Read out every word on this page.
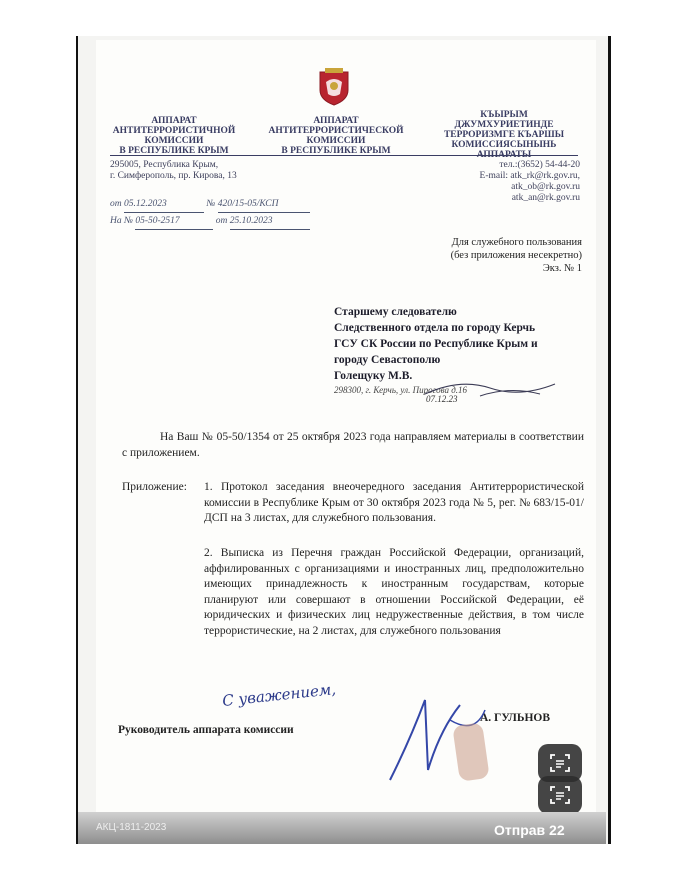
АППАРАТ
АНТИТЕРРОРИСТИЧНОЙ
КОМИССИИ
В РЕСПУБЛИКЕ КРЫМ
АППАРАТ
АНТИТЕРРОРИСТИЧЕСКОЙ
КОМИССИИ
В РЕСПУБЛИКЕ КРЫМ
КЪЫРЫМ
ДЖУМХУРИЕТИНДЕ
ТЕРРОРИЗМГЕ КЪАРШЫ
КОМИССИЯСЫНЫНЬ
АППАРАТЫ
295005, Республика Крым,
г. Симферополь, пр. Кирова, 13
тел.:(3652) 54-44-20
E-mail: atk_rk@rk.gov.ru,
atk_ob@rk.gov.ru
atk_an@rk.gov.ru
от 05.12.2023	№ 420/15-05/КСП
На № 05-50-2517	от 25.10.2023
Для служебного пользования
(без приложения несекретно)
Экз. № 1
Старшему следователю
Следственного отдела по городу Керчь
ГСУ СК России по Республике Крым и
городу Севастополю
Голещуку М.В.
298300, г. Керчь, ул. Пирогова д.16
07.12.23
На Ваш № 05-50/1354 от 25 октября 2023 года направляем материалы в соответствии с приложением.
Приложение:	1. Протокол заседания внеочередного заседания Антитеррористической комиссии в Республике Крым от 30 октября 2023 года № 5, рег. № 683/15-01/ДСП на 3 листах, для служебного пользования.
2. Выписка из Перечня граждан Российской Федерации, организаций, аффилированных с организациями и иностранных лиц, предположительно имеющих принадлежность к иностранным государствам, которые планируют или совершают в отношении Российской Федерации, её юридических и физических лиц недружественные действия, в том числе террористические, на 2 листах, для служебного пользования
С уважением,
Руководитель аппарата комиссии
А. ГУЛЬНОВ
АКЦ-1811-2023	Отправ 22
